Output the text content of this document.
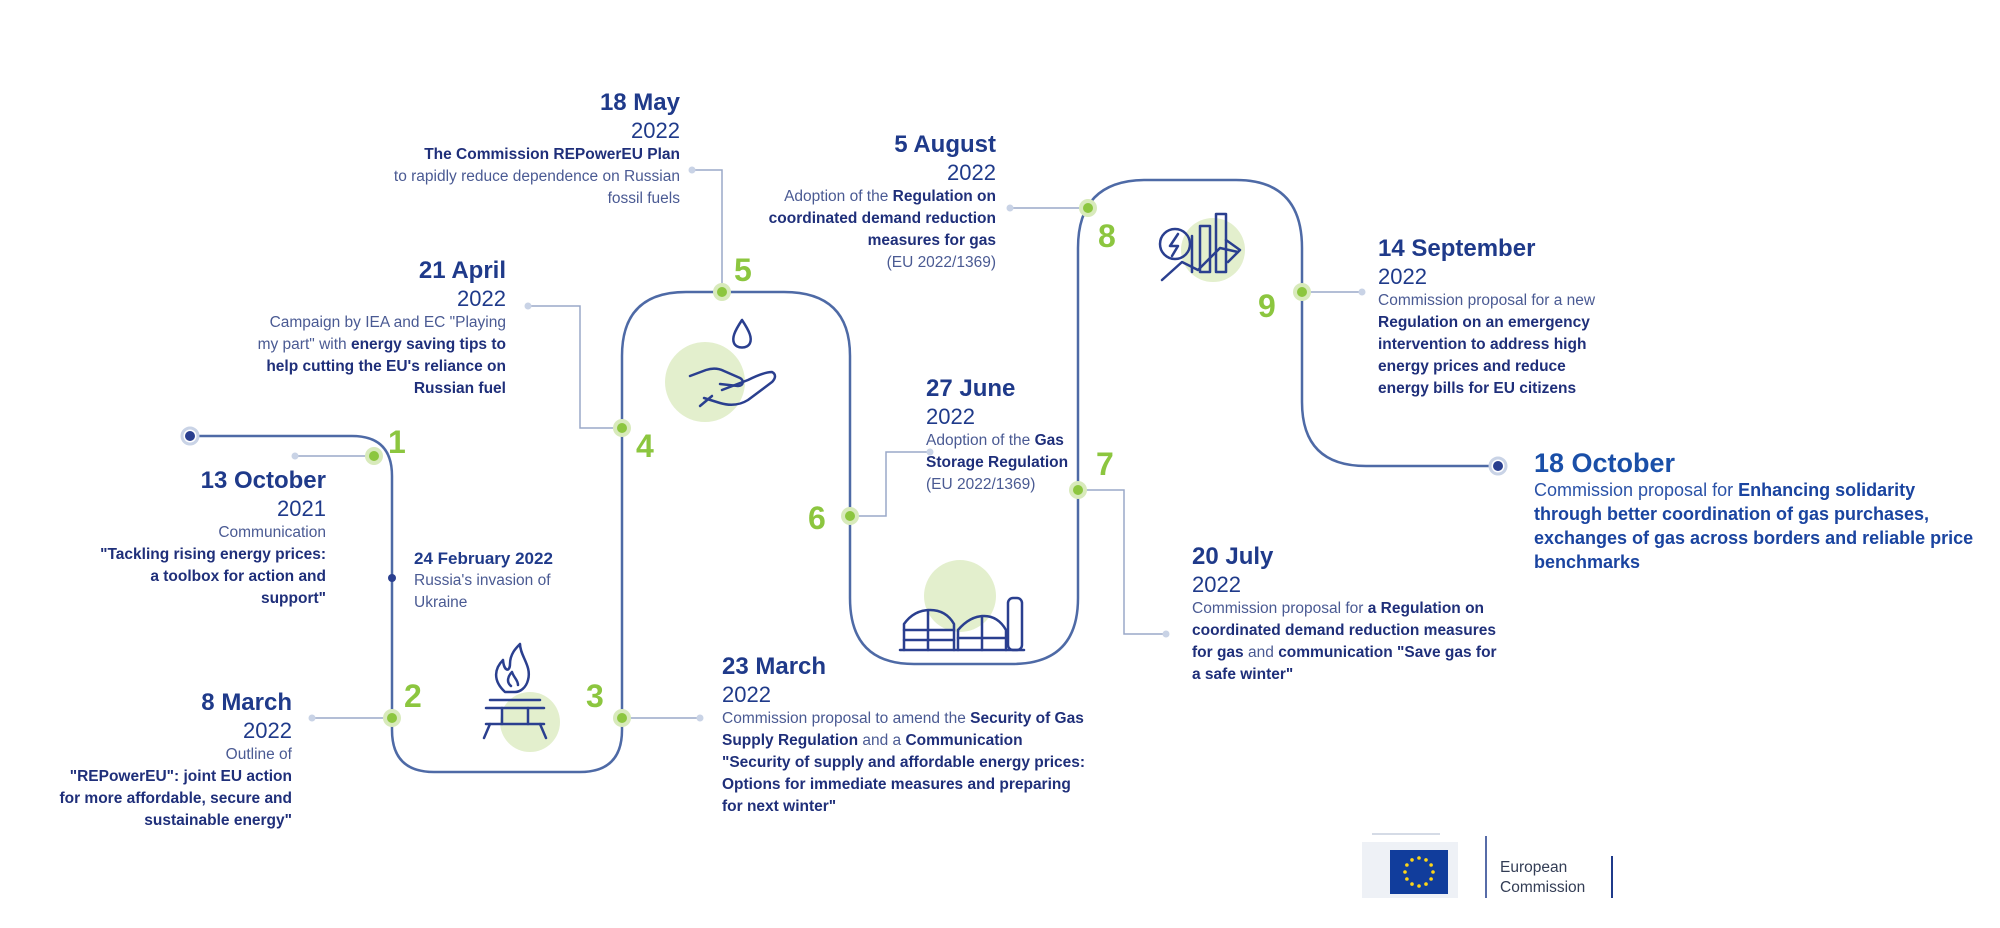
1
2	3
4
5
6
7
8
9
13 October
2021
Communication
"Tackling rising energy prices: a toolbox for action and support"
24 February 2022
Russia's invasion of Ukraine
8 March
2022
Outline of
"REPowerEU": joint EU action for more affordable, secure and sustainable energy"
23 March
2022
Commission proposal to amend the Security of Gas Supply Regulation and a Communication "Security of supply and affordable energy prices: Options for immediate measures and preparing for next winter"
21 April
2022
Campaign by IEA and EC "Playing my part" with energy saving tips to help cutting the EU's reliance on Russian fuel
18 May
2022
The Commission REPowerEU Plan
to rapidly reduce dependence on Russian fossil fuels
27 June
2022
Adoption of the Gas Storage Regulation
(EU 2022/1369)
20 July
2022
Commission proposal for a Regulation on coordinated demand reduction measures for gas and communication "Save gas for a safe winter"
5 August
2022
Adoption of the Regulation on coordinated demand reduction measures for gas
(EU 2022/1369)
14 September
2022
Commission proposal for a new Regulation on an emergency intervention to address high energy prices and reduce energy bills for EU citizens
18 October
Commission proposal for Enhancing solidarity through better coordination of gas purchases, exchanges of gas across borders and reliable price benchmarks
European
Commission
